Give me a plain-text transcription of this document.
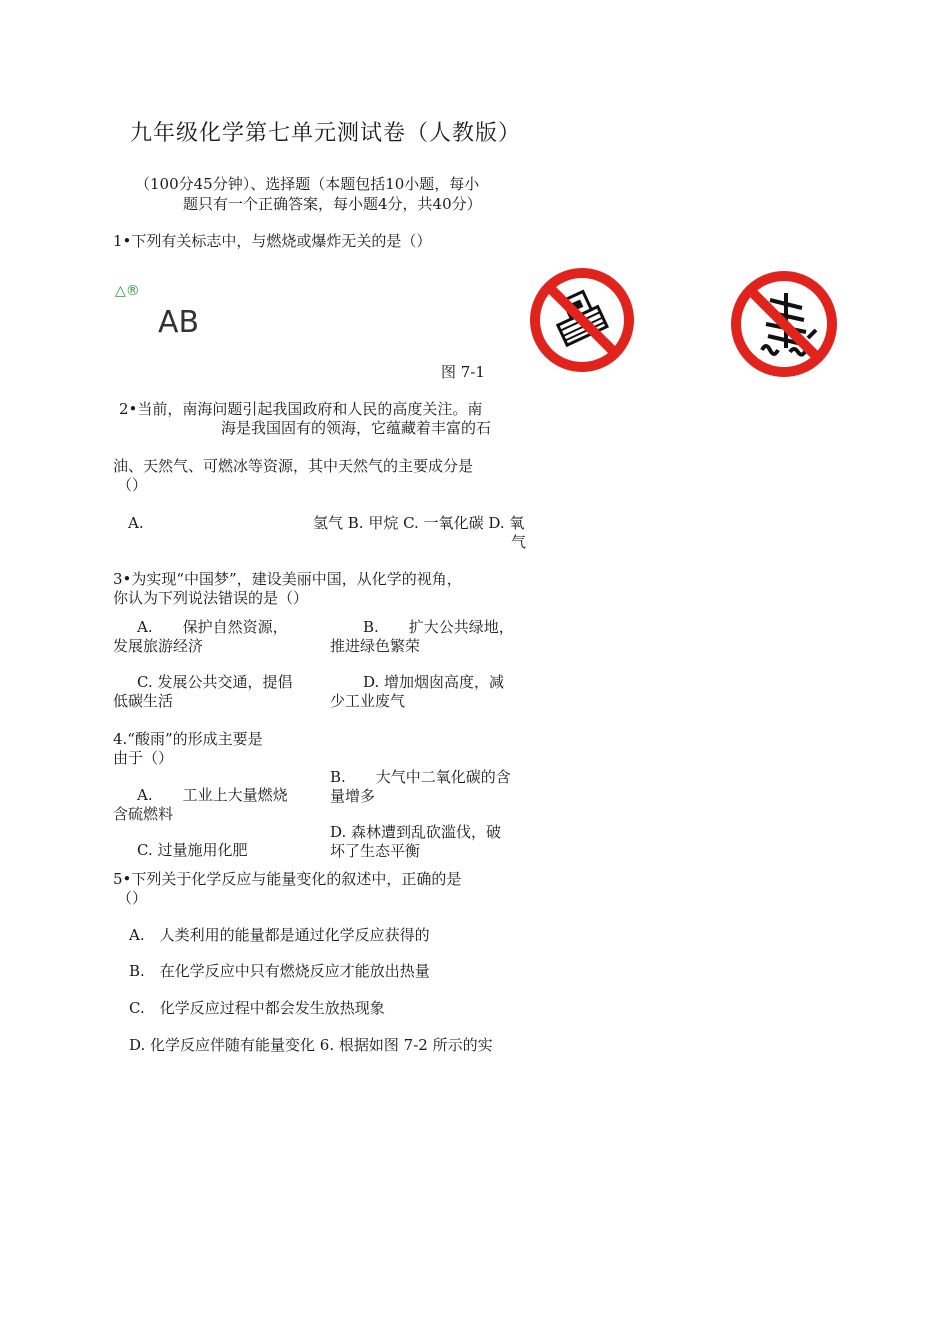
九年级化学第七单元测试卷（人教版）
（100分45分钟）、选择题（本题包括10小题，每小
题只有一个正确答案，每小题4分，共40分）
1•下列有关标志中，与燃烧或爆炸无关的是（）
△®
AB
图 7-1
2•当前，南海问题引起我国政府和人民的高度关注。南
海是我国固有的领海，它蕴藏着丰富的石
油、天然气、可燃冰等资源，其中天然气的主要成分是
（）
A.	氢气 B. 甲烷 C. 一氧化碳 D. 氧
气
3•为实现“中国梦”，建设美丽中国，从化学的视角，
你认为下列说法错误的是（）
A.　　保护自然资源，
发展旅游经济
B.　　扩大公共绿地，
推进绿色繁荣
C. 发展公共交通，提倡
低碳生活
D. 增加烟囱高度，减
少工业废气
4.“酸雨”的形成主要是
由于（）
B.　　大气中二氧化碳的含
量增多
A.　　工业上大量燃烧
含硫燃料
D. 森林遭到乱砍滥伐，破
坏了生态平衡
C. 过量施用化肥
5•下列关于化学反应与能量变化的叙述中，正确的是
（）
A.　人类利用的能量都是通过化学反应获得的
B.　在化学反应中只有燃烧反应才能放出热量
C.　化学反应过程中都会发生放热现象
D. 化学反应伴随有能量变化 6. 根据如图 7-2 所示的实
